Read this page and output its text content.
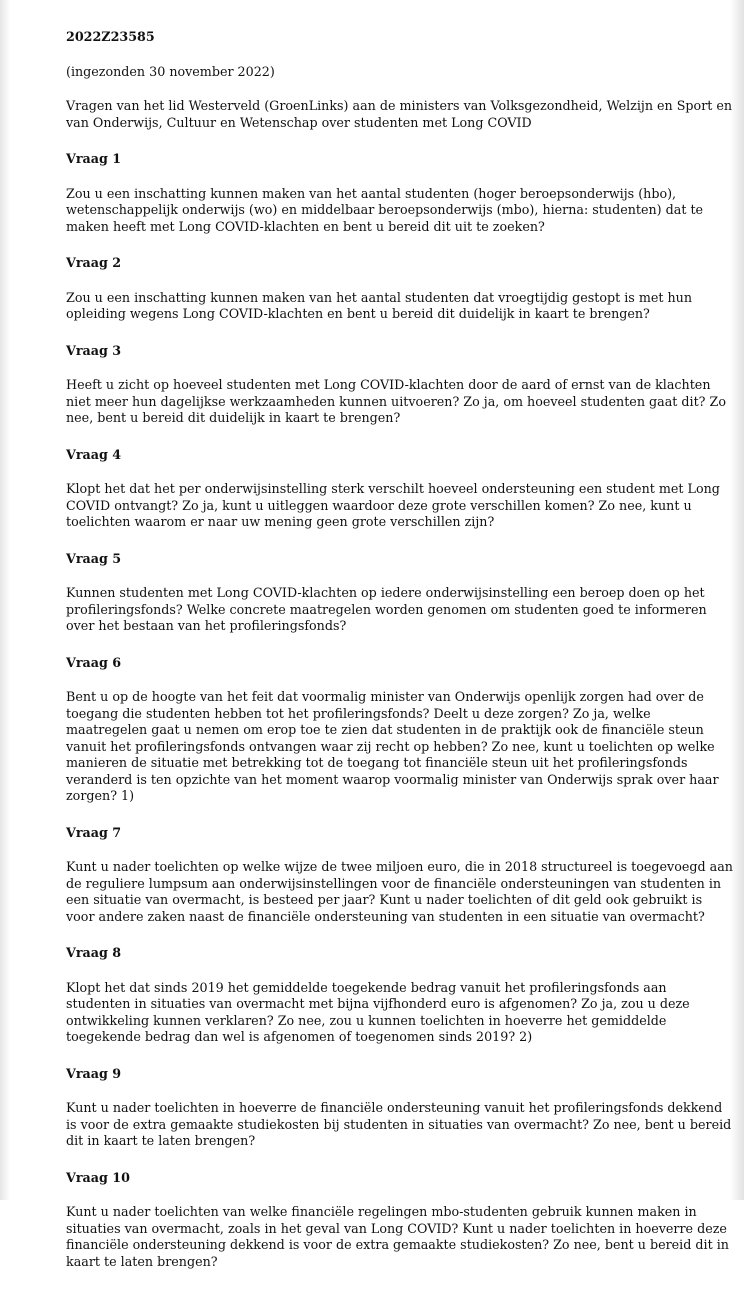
2022Z23585
(ingezonden 30 november 2022)
Vragen van het lid Westerveld (GroenLinks) aan de ministers van Volksgezondheid, Welzijn en Sport en van Onderwijs, Cultuur en Wetenschap over studenten met Long COVID
Vraag 1
Zou u een inschatting kunnen maken van het aantal studenten (hoger beroepsonderwijs (hbo), wetenschappelijk onderwijs (wo) en middelbaar beroepsonderwijs (mbo), hierna: studenten) dat te maken heeft met Long COVID-klachten en bent u bereid dit uit te zoeken?
Vraag 2
Zou u een inschatting kunnen maken van het aantal studenten dat vroegtijdig gestopt is met hun opleiding wegens Long COVID-klachten en bent u bereid dit duidelijk in kaart te brengen?
Vraag 3
Heeft u zicht op hoeveel studenten met Long COVID-klachten door de aard of ernst van de klachten niet meer hun dagelijkse werkzaamheden kunnen uitvoeren? Zo ja, om hoeveel studenten gaat dit? Zo nee, bent u bereid dit duidelijk in kaart te brengen?
Vraag 4
Klopt het dat het per onderwijsinstelling sterk verschilt hoeveel ondersteuning een student met Long COVID ontvangt? Zo ja, kunt u uitleggen waardoor deze grote verschillen komen? Zo nee, kunt u toelichten waarom er naar uw mening geen grote verschillen zijn?
Vraag 5
Kunnen studenten met Long COVID-klachten op iedere onderwijsinstelling een beroep doen op het profileringsfonds? Welke concrete maatregelen worden genomen om studenten goed te informeren over het bestaan van het profileringsfonds?
Vraag 6
Bent u op de hoogte van het feit dat voormalig minister van Onderwijs openlijk zorgen had over de toegang die studenten hebben tot het profileringsfonds? Deelt u deze zorgen? Zo ja, welke maatregelen gaat u nemen om erop toe te zien dat studenten in de praktijk ook de financiële steun vanuit het profileringsfonds ontvangen waar zij recht op hebben? Zo nee, kunt u toelichten op welke manieren de situatie met betrekking tot de toegang tot financiële steun uit het profileringsfonds veranderd is ten opzichte van het moment waarop voormalig minister van Onderwijs sprak over haar zorgen? 1)
Vraag 7
Kunt u nader toelichten op welke wijze de twee miljoen euro, die in 2018 structureel is toegevoegd aan de reguliere lumpsum aan onderwijsinstellingen voor de financiële ondersteuningen van studenten in een situatie van overmacht, is besteed per jaar? Kunt u nader toelichten of dit geld ook gebruikt is voor andere zaken naast de financiële ondersteuning van studenten in een situatie van overmacht?
Vraag 8
Klopt het dat sinds 2019 het gemiddelde toegekende bedrag vanuit het profileringsfonds aan studenten in situaties van overmacht met bijna vijfhonderd euro is afgenomen? Zo ja, zou u deze ontwikkeling kunnen verklaren? Zo nee, zou u kunnen toelichten in hoeverre het gemiddelde toegekende bedrag dan wel is afgenomen of toegenomen sinds 2019? 2)
Vraag 9
Kunt u nader toelichten in hoeverre de financiële ondersteuning vanuit het profileringsfonds dekkend is voor de extra gemaakte studiekosten bij studenten in situaties van overmacht? Zo nee, bent u bereid dit in kaart te laten brengen?
Vraag 10
Kunt u nader toelichten van welke financiële regelingen mbo-studenten gebruik kunnen maken in situaties van overmacht, zoals in het geval van Long COVID? Kunt u nader toelichten in hoeverre deze financiële ondersteuning dekkend is voor de extra gemaakte studiekosten? Zo nee, bent u bereid dit in kaart te laten brengen?
